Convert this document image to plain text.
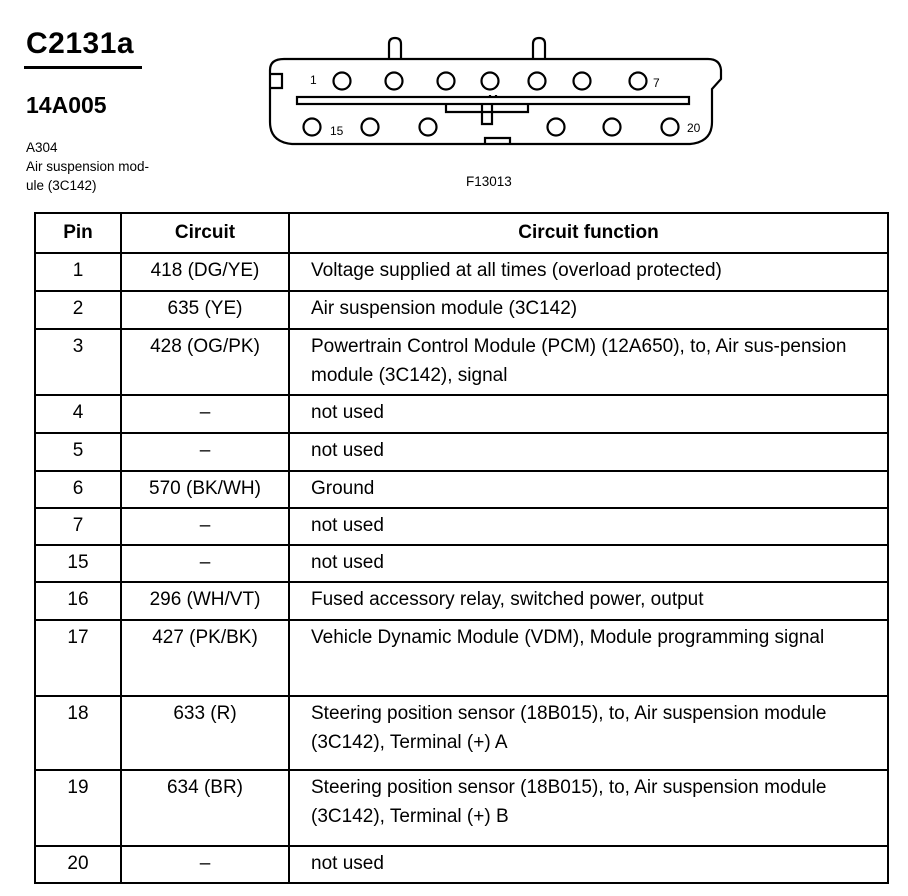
C2131a
14A005
A304
Air suspension mod-
ule (3C142)
1	7
15	20
F13013
Pin	Circuit	Circuit function
1	418 (DG/YE)	Voltage supplied at all times (overload protected)
2	635 (YE)	Air suspension module (3C142)
3	428 (OG/PK)	Powertrain Control Module (PCM) (12A650), to, Air sus-pension module (3C142), signal
4	–	not used
5	–	not used
6	570 (BK/WH)	Ground
7	–	not used
15	–	not used
16	296 (WH/VT)	Fused accessory relay, switched power, output
17	427 (PK/BK)	Vehicle Dynamic Module (VDM), Module programming signal
18	633 (R)	Steering position sensor (18B015), to, Air suspension module (3C142), Terminal (+) A
19	634 (BR)	Steering position sensor (18B015), to, Air suspension module (3C142), Terminal (+) B
20	–	not used
